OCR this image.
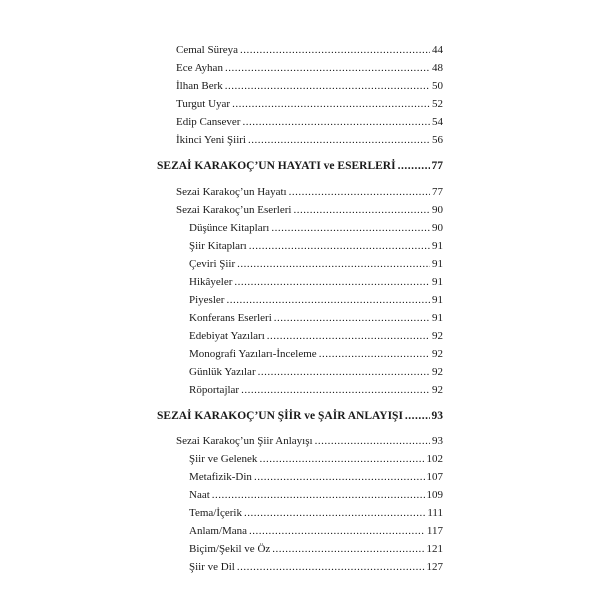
Cemal Süreya .....	44
Ece Ayhan .....	48
İlhan Berk .....	50
Turgut Uyar .....	52
Edip Cansever .....	54
İkinci Yeni Şiiri .....	56
SEZAİ KARAKOÇ’UN HAYATI ve ESERLERİ .....	77
Sezai Karakoç’un Hayatı .....	77
Sezai Karakoç’un Eserleri .....	90
Düşünce Kitapları .....	90
Şiir Kitapları .....	91
Çeviri Şiir .....	91
Hikâyeler .....	91
Piyesler .....	91
Konferans Eserleri .....	91
Edebiyat Yazıları .....	92
Monografi Yazıları-İnceleme .....	92
Günlük Yazılar .....	92
Röportajlar .....	92
SEZAİ KARAKOÇ’UN ŞİİR ve ŞAİR ANLAYIŞI ..... 93
Sezai Karakoç’un Şiir Anlayışı .....	93
Şiir ve Gelenek .....	102
Metafizik-Din .....	107
Naat .....	109
Tema/İçerik .....	111
Anlam/Mana .....	117
Biçim/Şekil ve Öz .....	121
Şiir ve Dil .....	127
